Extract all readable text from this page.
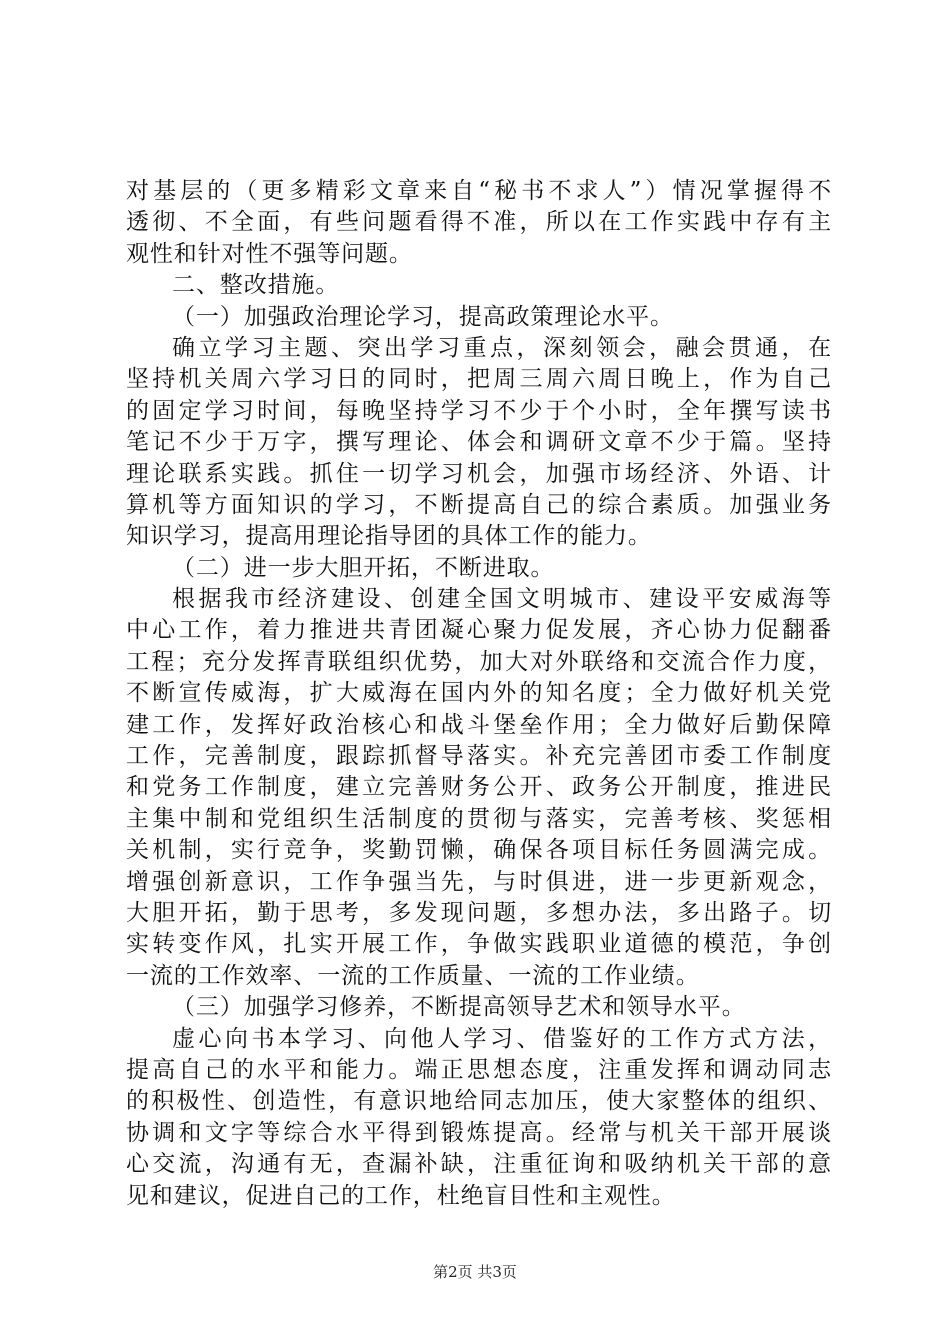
对基层的（更多精彩文章来自“秘书不求人”）情况掌握得不
透彻、不全面，有些问题看得不准，所以在工作实践中存有主
观性和针对性不强等问题。
二、整改措施。
（一）加强政治理论学习，提高政策理论水平。
确立学习主题、突出学习重点，深刻领会，融会贯通，在
坚持机关周六学习日的同时，把周三周六周日晚上，作为自己
的固定学习时间，每晚坚持学习不少于个小时，全年撰写读书
笔记不少于万字，撰写理论、体会和调研文章不少于篇。坚持
理论联系实践。抓住一切学习机会，加强市场经济、外语、计
算机等方面知识的学习，不断提高自己的综合素质。加强业务
知识学习，提高用理论指导团的具体工作的能力。
（二）进一步大胆开拓，不断进取。
根据我市经济建设、创建全国文明城市、建设平安威海等
中心工作，着力推进共青团凝心聚力促发展，齐心协力促翻番
工程；充分发挥青联组织优势，加大对外联络和交流合作力度，
不断宣传威海，扩大威海在国内外的知名度；全力做好机关党
建工作，发挥好政治核心和战斗堡垒作用；全力做好后勤保障
工作，完善制度，跟踪抓督导落实。补充完善团市委工作制度
和党务工作制度，建立完善财务公开、政务公开制度，推进民
主集中制和党组织生活制度的贯彻与落实，完善考核、奖惩相
关机制，实行竞争，奖勤罚懒，确保各项目标任务圆满完成。
增强创新意识，工作争强当先，与时俱进，进一步更新观念，
大胆开拓，勤于思考，多发现问题，多想办法，多出路子。切
实转变作风，扎实开展工作，争做实践职业道德的模范，争创
一流的工作效率、一流的工作质量、一流的工作业绩。
（三）加强学习修养，不断提高领导艺术和领导水平。
虚心向书本学习、向他人学习、借鉴好的工作方式方法，
提高自己的水平和能力。端正思想态度，注重发挥和调动同志
的积极性、创造性，有意识地给同志加压，使大家整体的组织、
协调和文字等综合水平得到锻炼提高。经常与机关干部开展谈
心交流，沟通有无，查漏补缺，注重征询和吸纳机关干部的意
见和建议，促进自己的工作，杜绝盲目性和主观性。
第2页 共3页
